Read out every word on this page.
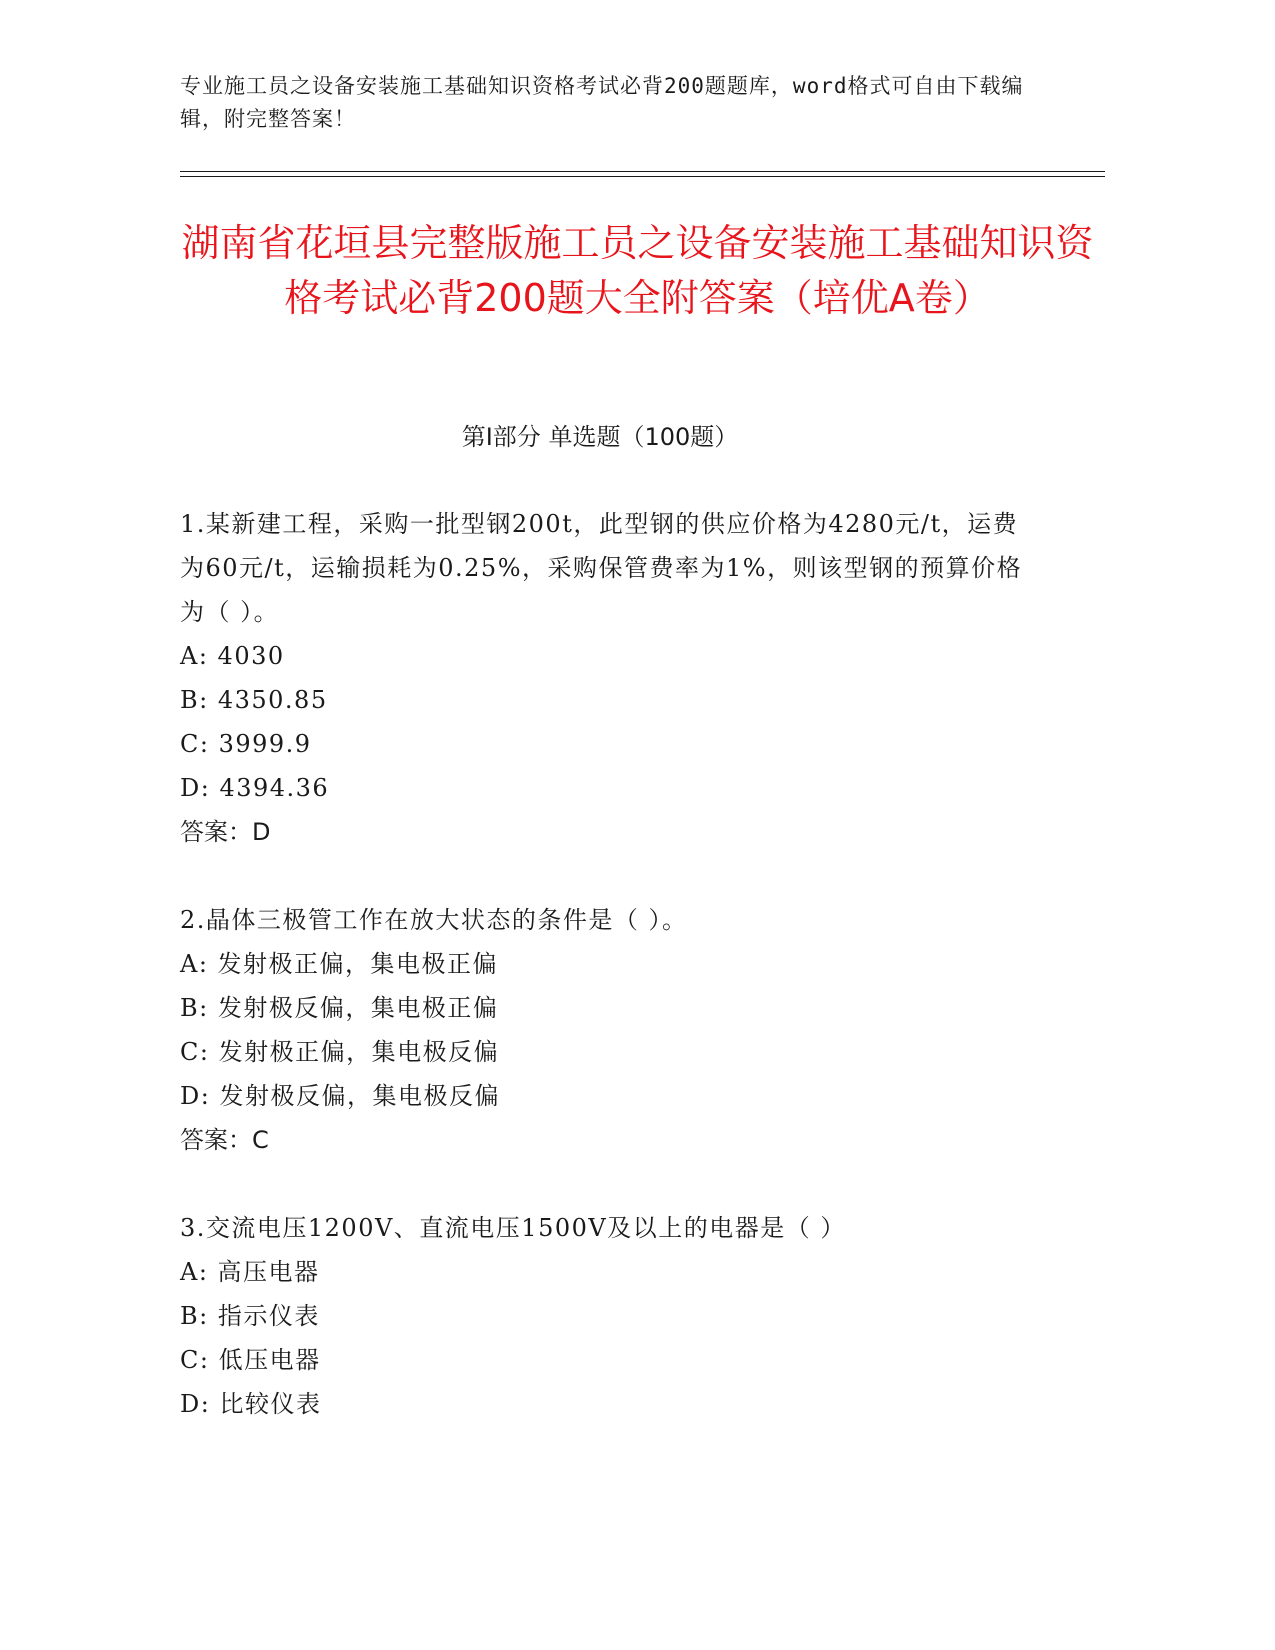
专业施工员之设备安装施工基础知识资格考试必背200题题库，word格式可自由下载编辑，附完整答案！
湖南省花垣县完整版施工员之设备安装施工基础知识资格考试必背200题大全附答案（培优A卷）
第I部分 单选题（100题）

1.某新建工程，采购一批型钢200t，此型钢的供应价格为4280元/t，运费为60元/t，运输损耗为0.25%，采购保管费率为1%，则该型钢的预算价格为（ ）。

A: 4030

B: 4350.85

C: 3999.9

D: 4394.36

答案：D

2.晶体三极管工作在放大状态的条件是（ ）。

A: 发射极正偏，集电极正偏

B: 发射极反偏，集电极正偏

C: 发射极正偏，集电极反偏

D: 发射极反偏，集电极反偏

答案：C

3.交流电压1200V、直流电压1500V及以上的电器是（ ）

A: 高压电器

B: 指示仪表

C: 低压电器

D: 比较仪表
